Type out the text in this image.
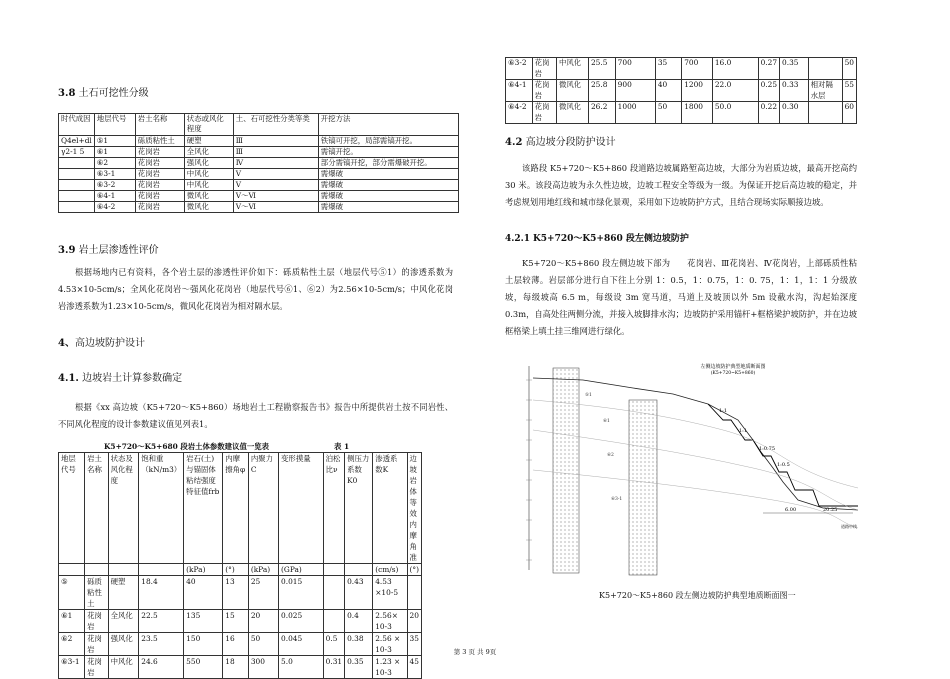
3.8 土石可挖性分级
时代成因	地层代号	岩土名称	状态或风化程度	土、石可挖性分类等类	开挖方法
Q4el+dl	⑤1	砾质粘性土	硬塑	Ⅲ	铁镐可开挖，局部需镐开挖。
γ2-1 5	⑥1	花岗岩	全风化	Ⅲ	需镐开挖。
	⑥2	花岗岩	强风化	Ⅳ	部分需镐开挖，部分需爆破开挖。
	⑥3-1	花岗岩	中风化	Ⅴ	需爆破
	⑥3-2	花岗岩	中风化	Ⅴ	需爆破
	⑥4-1	花岗岩	微风化	Ⅴ～Ⅵ	需爆破
	⑥4-2	花岗岩	微风化	Ⅴ～Ⅵ	需爆破
3.9 岩土层渗透性评价

根据场地内已有资料，各个岩土层的渗透性评价如下：砾质粘性土层（地层代号⑤1）的渗透系数为4.53×10-5cm/s；全风化花岗岩～强风化花岗岩（地层代号⑥1、⑥2）为2.56×10-5cm/s；中风化花岗岩渗透系数为1.23×10-5cm/s，微风化花岗岩为相对隔水层。

4、高边坡防护设计
4.1. 边坡岩土计算参数确定

根据《xx 高边坡（K5+720～K5+860）场地岩土工程勘察报告书》报告中所提供岩土按不同岩性、不同风化程度的设计参数建议值见列表1。

K5+720～K5+680 段岩土体参数建议值一览表	表 1
地层代号	岩土名称	状态及风化程度	饱和重（kN/m3）	岩石(土)与锚固体粘结强度特征值frb	内摩擦角φ	内聚力C	变形摸量	泊松比ν	侧压力系数K0	渗透系数K	边坡岩体等效内摩角准
				(kPa)	(°)	(kPa)	(GPa)			(cm/s)	(°)
⑤	砾质粘性土	硬塑	18.4	40	13	25	0.015		0.43	4.53 ×10-5	
⑥1	花岗岩	全风化	22.5	135	15	20	0.025		0.4	2.56× 10-3	20
⑥2	花岗岩	强风化	23.5	150	16	50	0.045	0.5	0.38	2.56 × 10-3	35
⑥3-1	花岗岩	中风化	24.6	550	18	300	5.0	0.31	0.35	1.23 × 10-3	45
⑥3-2	花岗岩	中风化	25.5	700	35	700	16.0	0.27	0.35		50
⑥4-1	花岗岩	微风化	25.8	900	40	1200	22.0	0.25	0.33	相对隔水层	55
⑥4-2	花岗岩	微风化	26.2	1000	50	1800	50.0	0.22	0.30		60
4.2 高边坡分段防护设计

该路段 K5+720～K5+860 段道路边坡属路堑高边坡，大部分为岩质边坡，最高开挖高约 30 米。该段高边坡为永久性边坡，边坡工程安全等级为一级。为保证开挖后高边坡的稳定，并考虑规划用地红线和城市绿化景观，采用如下边坡防护方式，且结合现场实际顺接边坡。

4.2.1 K5+720～K5+860 段左侧边坡防护

K5+720～K5+860 段左侧边坡下部为　　花岗岩、Ⅲ花岗岩、Ⅳ花岗岩，上部砾质性粘土层较薄。岩层部分进行自下往上分别 1：0.5，1：0.75，1：0. 75，1：1，1：1 分级放坡，每级坡高 6.5 m，每级设 3m 宽马道，马道上及坡顶以外 5m 设截水沟，沟起始深度 0.3m，自高处往两侧分流，并接入坡脚排水沟；边坡防护采用锚杆+框格梁护坡防护，并在边坡框格梁上填土挂三维网进行绿化。

左侧边坡防护典型地质断面图
(K5+720~K5+860)
1:1
1:1
1:0.75
1:0.5
⑤1
⑥1
⑥2
⑥3-1
6.00	20.25
道路中线
K5+720～K5+860 段左侧边坡防护典型地质断面图一
第 3 页 共 9页
